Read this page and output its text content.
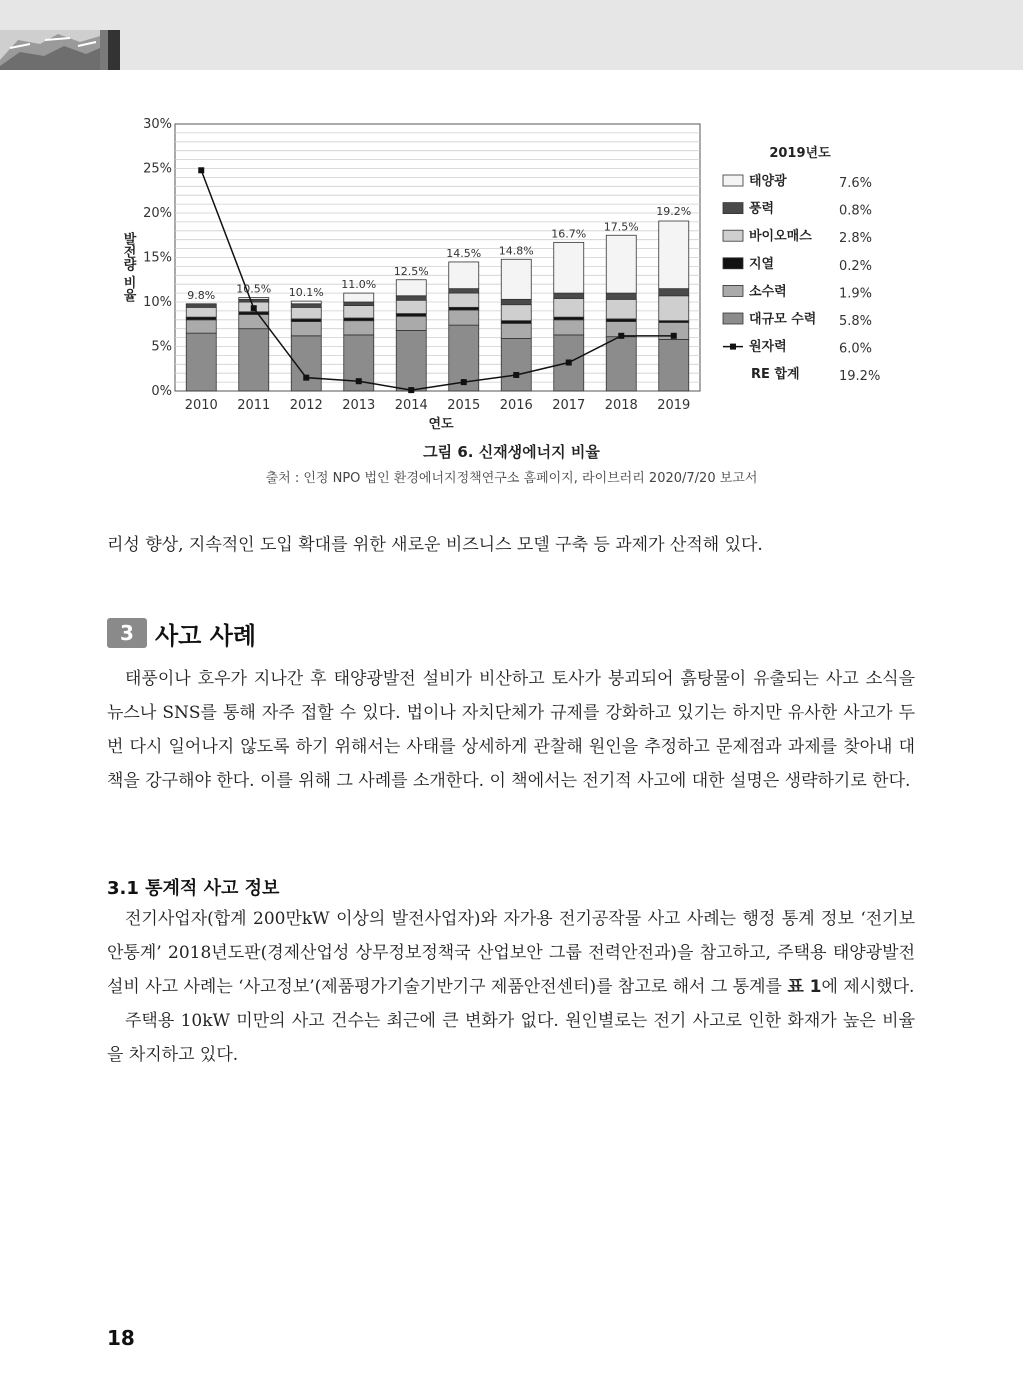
발전량 비율
0%
5%
10%
15%
20%
25%
30%
9.8% 10.5% 10.1%
11.0%
12.5%
14.5% 14.8%
16.7%
17.5%
19.2%
2010 2011 2012 2013 2014 2015 2016 2017 2018 2019
연도
2019년도
태양광	7.6%
풍력	0.8%
바이오매스 2.8%
지열	0.2%
소수력	1.9%
대규모 수력 5.8%
원자력	6.0%
RE 합계	19.2%
그림 6. 신재생에너지 비율
출처 : 인정 NPO 법인 환경에너지정책연구소 홈페이지, 라이브러리 2020/7/20 보고서

리성 향상, 지속적인 도입 확대를 위한 새로운 비즈니스 모델 구축 등 과제가 산적해 있다.

3 사고 사례

태풍이나 호우가 지나간 후 태양광발전 설비가 비산하고 토사가 붕괴되어 흙탕물이 유출되는 사고 소식을 뉴스나 SNS를 통해 자주 접할 수 있다. 법이나 자치단체가 규제를 강화하고 있기는 하지만 유사한 사고가 두 번 다시 일어나지 않도록 하기 위해서는 사태를 상세하게 관찰해 원인을 추정하고 문제점과 과제를 찾아내 대책을 강구해야 한다. 이를 위해 그 사례를 소개한다. 이 책에서는 전기적 사고에 대한 설명은 생략하기로 한다.

3.1 통계적 사고 정보

전기사업자(합계 200만kW 이상의 발전사업자)와 자가용 전기공작물 사고 사례는 행정 통계 정보 ‘전기보안통계’ 2018년도판(경제산업성 상무정보정책국 산업보안 그룹 전력안전과)을 참고하고, 주택용 태양광발전 설비 사고 사례는 ‘사고정보’(제품평가기술기반기구 제품안전센터)를 참고로 해서 그 통계를 표 1에 제시했다.

주택용 10kW 미만의 사고 건수는 최근에 큰 변화가 없다. 원인별로는 전기 사고로 인한 화재가 높은 비율을 차지하고 있다.

18
